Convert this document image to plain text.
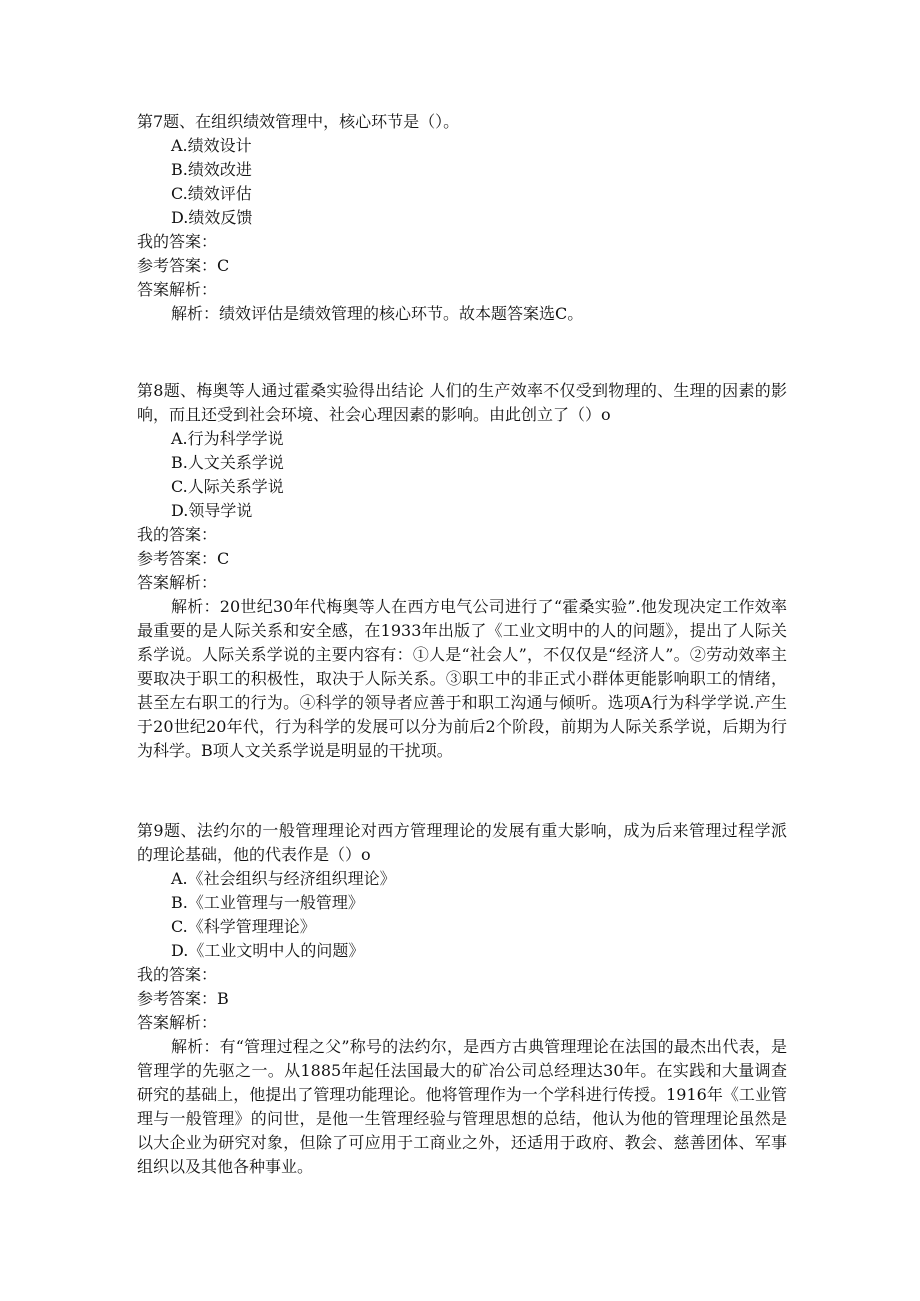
第7题、在组织绩效管理中，核心环节是（）。
A.绩效设计
B.绩效改进
C.绩效评估
D.绩效反馈
我的答案：
参考答案：C
答案解析：
解析：绩效评估是绩效管理的核心环节。故本题答案选C。
第8题、梅奥等人通过霍桑实验得出结论 人们的生产效率不仅受到物理的、生理的因素的影响，而且还受到社会环境、社会心理因素的影响。由此创立了（）o
A.行为科学学说
B.人文关系学说
C.人际关系学说
D.领导学说
我的答案：
参考答案：C
答案解析：
解析：20世纪30年代梅奥等人在西方电气公司进行了“霍桑实验”.他发现决定工作效率最重要的是人际关系和安全感，在1933年出版了《工业文明中的人的问题》，提出了人际关系学说。人际关系学说的主要内容有：①人是“社会人”，不仅仅是“经济人”。②劳动效率主要取决于职工的积极性，取决于人际关系。③职工中的非正式小群体更能影响职工的情绪，甚至左右职工的行为。④科学的领导者应善于和职工沟通与倾听。选项A行为科学学说.产生于20世纪20年代，行为科学的发展可以分为前后2个阶段，前期为人际关系学说，后期为行为科学。B项人文关系学说是明显的干扰项。
第9题、法约尔的一般管理理论对西方管理理论的发展有重大影响，成为后来管理过程学派的理论基础，他的代表作是（）o
A.《社会组织与经济组织理论》
B.《工业管理与一般管理》
C.《科学管理理论》
D.《工业文明中人的问题》
我的答案：
参考答案：B
答案解析：
解析：有“管理过程之父”称号的法约尔，是西方古典管理理论在法国的最杰出代表，是管理学的先驱之一。从1885年起任法国最大的矿冶公司总经理达30年。在实践和大量调查研究的基础上，他提出了管理功能理论。他将管理作为一个学科进行传授。1916年《工业管理与一般管理》的问世，是他一生管理经验与管理思想的总结，他认为他的管理理论虽然是以大企业为研究对象，但除了可应用于工商业之外，还适用于政府、教会、慈善团体、军事组织以及其他各种事业。
